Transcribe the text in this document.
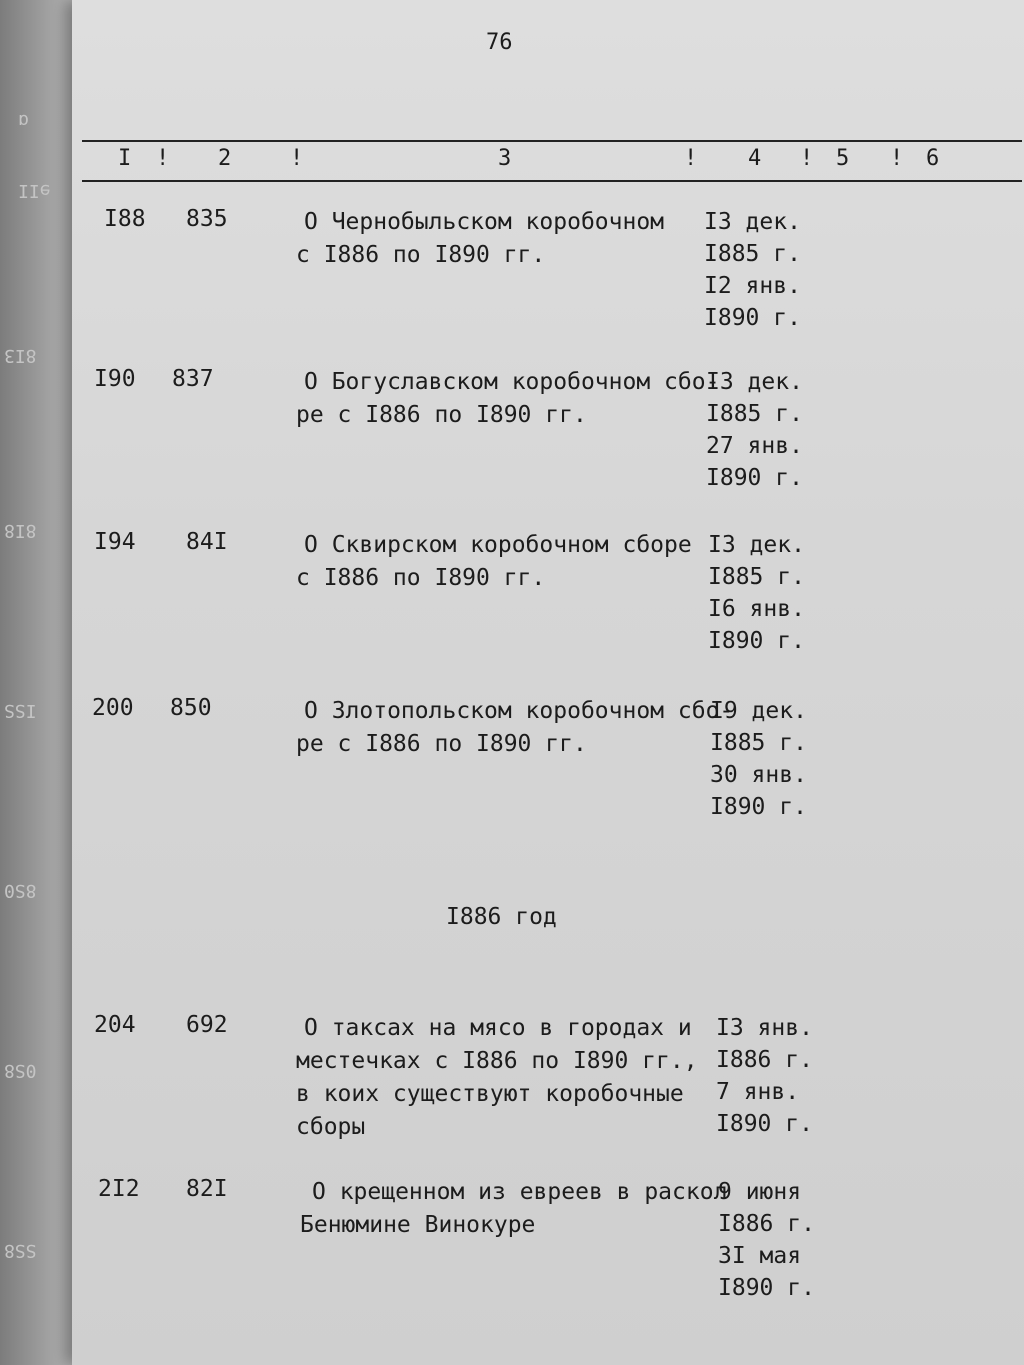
ɑ
ɘII
8I3
8I8
ISS
8S0
0S8
SS8
76
I ! 2	!	3	! 4 ! 5 ! 6
I88 835	О Чернобыльском коробочном
с I886 по I890 гг.
I3 дек.
I885 г.
I2 янв.
I890 г.
I90 837	О Богуславском коробочном сбо-
ре с I886 по I890 гг.
I3 дек.
I885 г.
27 янв.
I890 г.
I94 84I	О Сквирском коробочном сборе
с I886 по I890 гг.
I3 дек.
I885 г.
I6 янв.
I890 г.
200 850	О Злотопольском коробочном сбо-
ре с I886 по I890 гг.
I9 дек.
I885 г.
30 янв.
I890 г.
I886 год
204 692	О таксах на мясо в городах и
местечках с I886 по I890 гг.,
в коих существуют коробочные
сборы
I3 янв.
I886 г.
7 янв.
I890 г.
2I2 82I	О крещенном из евреев в раскол
Бенюмине Винокуре
9 июня
I886 г.
3I мая
I890 г.
